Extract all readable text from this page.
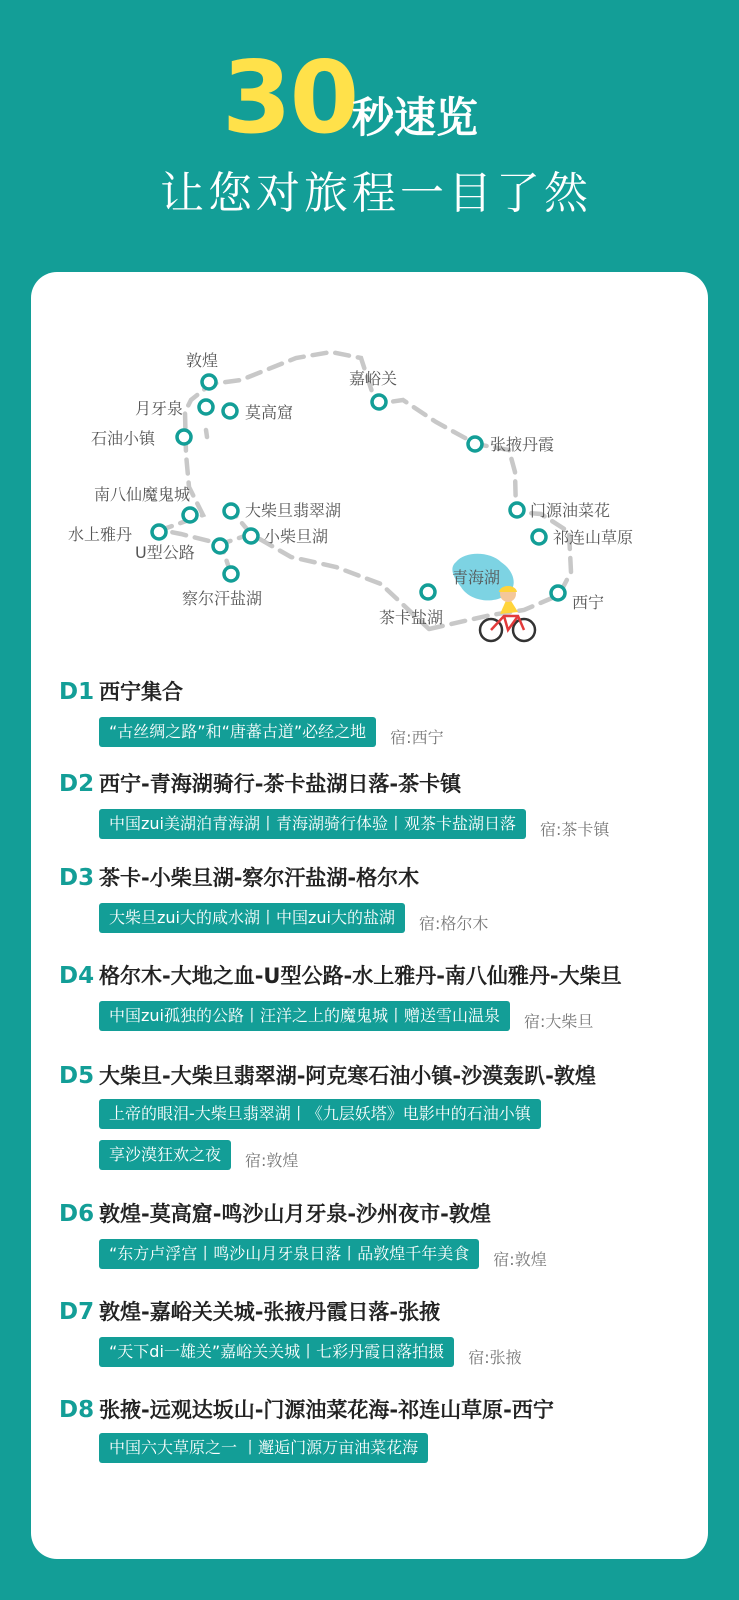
30
秒速览
让您对旅程一目了然
敦煌
嘉峪关
月牙泉	莫高窟
石油小镇	张掖丹霞
南八仙魔鬼城
大柴旦翡翠湖	门源油菜花
水上雅丹	小柴旦湖	祁连山草原
U型公路
察尔汗盐湖
青海湖
西宁
茶卡盐湖
D1 西宁集合
“古丝绸之路”和“唐蕃古道”必经之地	宿:西宁
D2 西宁-青海湖骑行-茶卡盐湖日落-茶卡镇
中国zui美湖泊青海湖丨青海湖骑行体验丨观茶卡盐湖日落	宿:茶卡镇
D3 茶卡-小柴旦湖-察尔汗盐湖-格尔木
大柴旦zui大的咸水湖丨中国zui大的盐湖	宿:格尔木
D4 格尔木-大地之血-U型公路-水上雅丹-南八仙雅丹-大柴旦
中国zui孤独的公路丨汪洋之上的魔鬼城丨赠送雪山温泉	宿:大柴旦
D5 大柴旦-大柴旦翡翠湖-阿克寒石油小镇-沙漠轰趴-敦煌
上帝的眼泪-大柴旦翡翠湖丨《九层妖塔》电影中的石油小镇
享沙漠狂欢之夜	宿:敦煌
D6 敦煌-莫高窟-鸣沙山月牙泉-沙州夜市-敦煌
“东方卢浮宫丨鸣沙山月牙泉日落丨品敦煌千年美食	宿:敦煌
D7 敦煌-嘉峪关关城-张掖丹霞日落-张掖
“天下di一雄关”嘉峪关关城丨七彩丹霞日落拍摄	宿:张掖
D8 张掖-远观达坂山-门源油菜花海-祁连山草原-西宁
中国六大草原之一 丨邂逅门源万亩油菜花海
